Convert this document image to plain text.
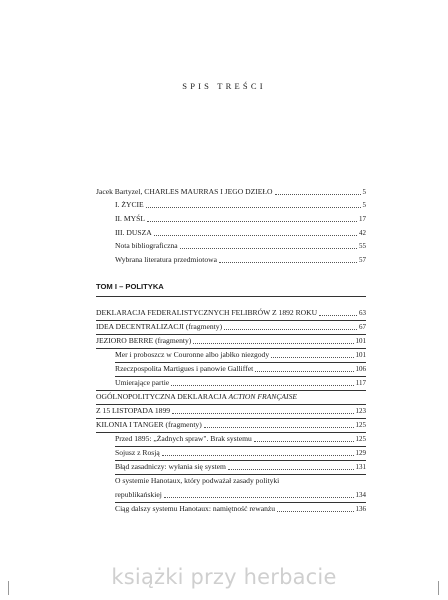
SPIS TREŚCI
Jacek Bartyzel, CHARLES MAURRAS I JEGO DZIEŁO	5
I. ŻYCIE	5
II. MYŚL	17
III. DUSZA	42
Nota bibliograficzna	55
Wybrana literatura przedmiotowa	57
TOM I – POLITYKA
DEKLARACJA FEDERALISTYCZNYCH FELIBRÓW Z 1892 ROKU	63
IDEA DECENTRALIZACJI (fragmenty)	67
JEZIORO BERRE (fragmenty)	101
Mer i proboszcz w Couronne albo jabłko niezgody	101
Rzeczpospolita Martigues i panowie Galliffet	106
Umierające partie	117
OGÓLNOPOLITYCZNA DEKLARACJA ACTION FRANÇAISE
Z 15 LISTOPADA 1899	123
KILONIA I TANGER (fragmenty)	125
Przed 1895: „Żadnych spraw". Brak systemu	125
Sojusz z Rosją	129
Błąd zasadniczy: wyłania się system	131
O systemie Hanotaux, który podważał zasady polityki
republikańskiej	134
Ciąg dalszy systemu Hanotaux: namiętność rewanżu	136
książki przy herbacie
